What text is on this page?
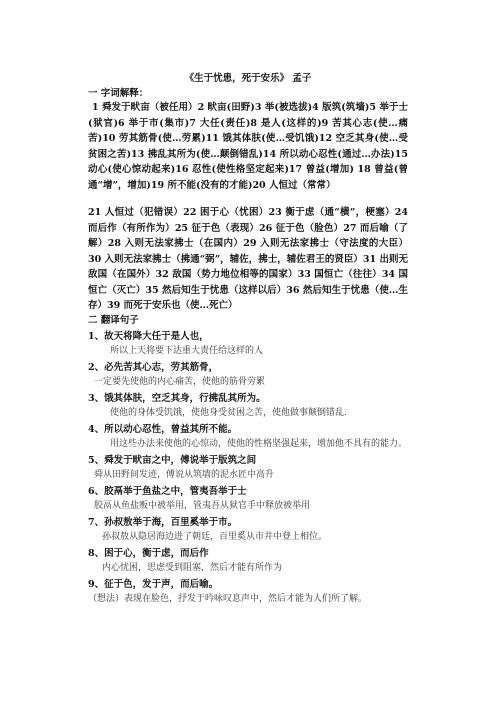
《生于忧患，死于安乐》 孟子
一 字词解释：
1 舜发于畎亩（被任用）2 畎亩(田野)3 举(被选拔)4 版筑(筑墙)5 举于士(狱官)6 举于市(集市)7 大任(责任)8 是人(这样的)9 苦其心志(使…痛苦)10 劳其筋骨(使…劳累)11 饿其体肤(使…受饥饿)12 空乏其身(使…受贫困之苦)13 拂乱其所为(使…颠倒错乱)14 所以动心忍性(通过…办法)15 动心(使心惊动起来)16 忍性(使性格坚定起来)17 曾益(增加) 18 曾益(曾通“增”，增加)19 所不能(没有的才能)20 人恒过（常常）
21 人恒过（犯错误）22 困于心（忧困）23 衡于虑（通“横”，梗塞）24 而后作（有所作为）25 征于色（表现）26 征于色（脸色）27 而后喻（了解）28 入则无法家拂士（在国内）29 入则无法家拂士（守法度的大臣）30 入则无法家拂士（拂通“弼”，辅佐，拂士，辅佐君王的贤臣）31 出则无敌国（在国外）32 敌国（势力地位相等的国家）33 国恒亡（往往）34 国恒亡（灭亡）35 然后知生于忧患（这样以后）36 然后知生于忧患（使…生存）39 而死于安乐也（使…死亡）
二 翻译句子
1、故天将降大任于是人也，
所以上天将要下达重大责任给这样的人
2、必先苦其心志，劳其筋骨，
一定要先使他的内心痛苦，使他的筋骨劳累
3、饿其体肤，空乏其身，行拂乱其所为。
使他的身体受饥饿，使他身受贫困之苦，使他做事颠倒错乱.
4、所以动心忍性，曾益其所不能。
用这些办法来使他的心惊动，使他的性格坚强起来，增加他不具有的能力。
5、舜发于畎亩之中，傅说举于版筑之间
舜从田野间发迹，傅说从筑墙的泥水匠中高升
6、胶鬲举于鱼盐之中，管夷吾举于士
胶鬲从鱼盐贩中被举用，管夷吾从狱官手中释放被举用
7、孙叔敖举于海，百里奚举于市。
孙叔敖从隐居海边进了朝廷，百里奚从市井中登上相位。
8、困于心，衡于虑，而后作
内心忧困，思虑受到阻塞，然后才能有所作为
9、征于色，发于声，而后喻。
（想法）表现在脸色，抒发于吟咏叹息声中，然后才能为人们所了解。
